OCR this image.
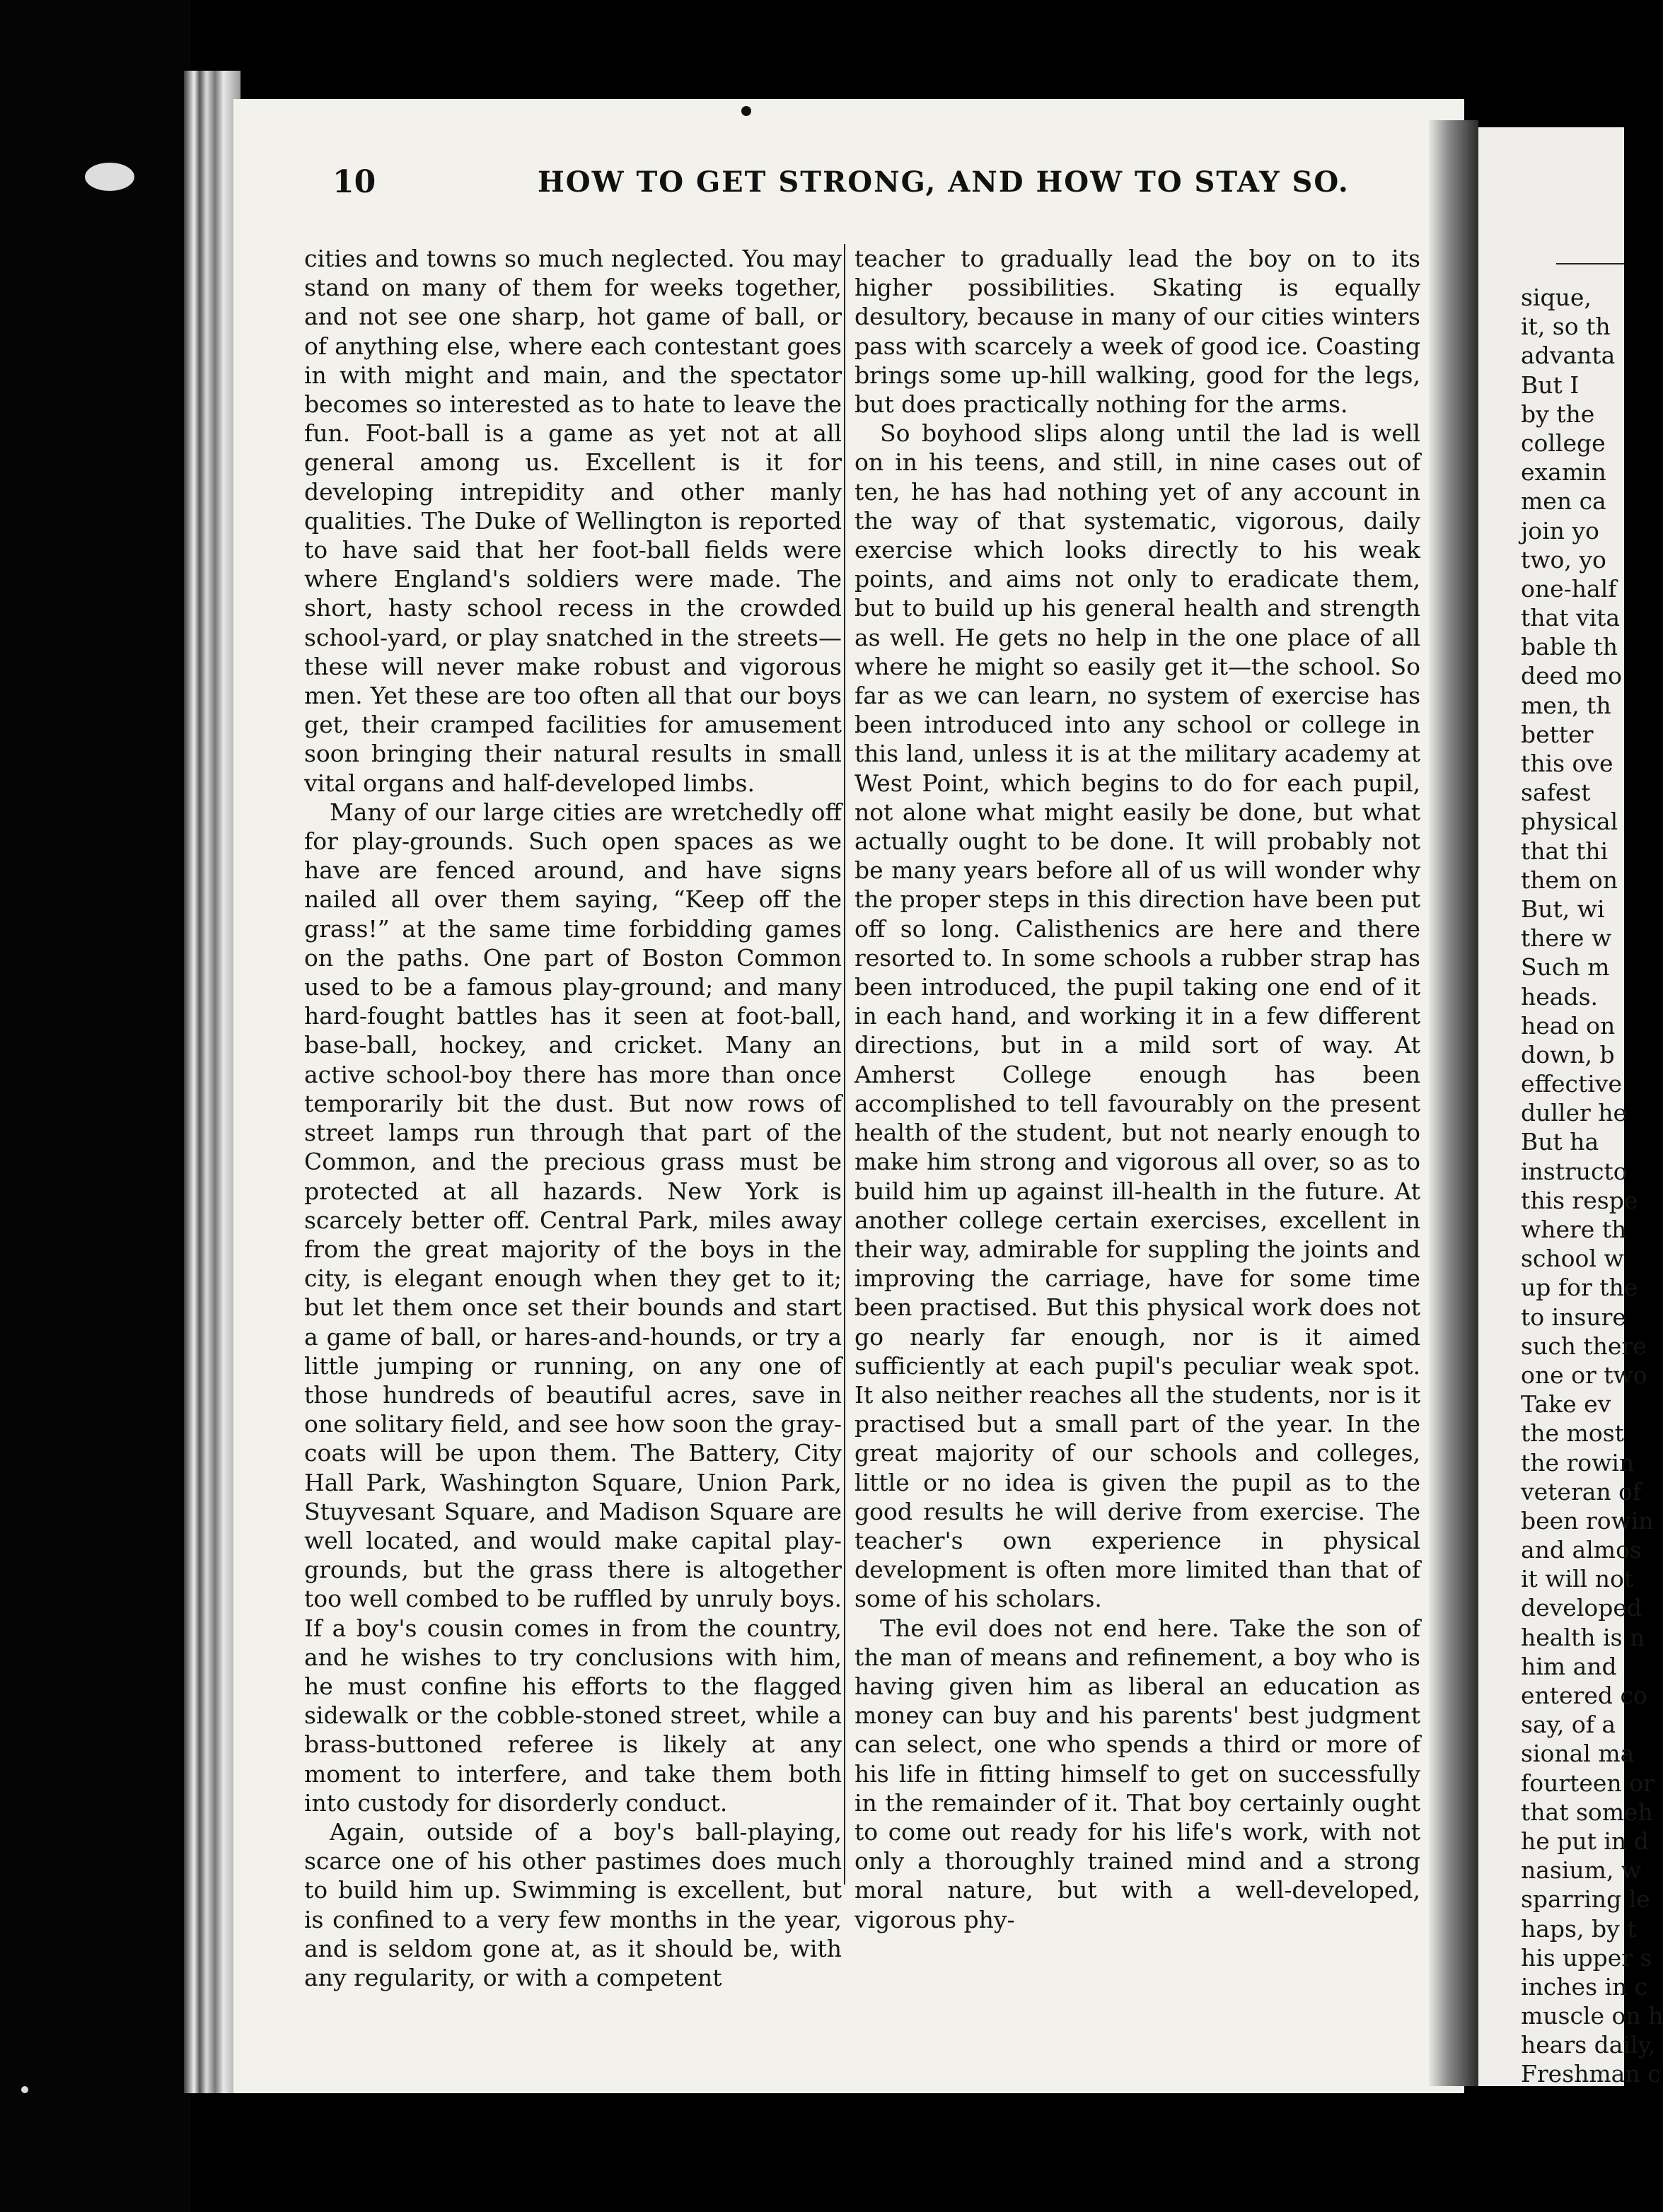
10	HOW TO GET STRONG, AND HOW TO STAY SO.

cities and towns so much neglected. You may stand on many of them for weeks together, and not see one sharp, hot game of ball, or of anything else, where each contestant goes in with might and main, and the spectator becomes so interested as to hate to leave the fun. Foot-ball is a game as yet not at all general among us. Excellent is it for developing intrepidity and other manly qualities. The Duke of Wellington is reported to have said that her foot-ball fields were where England's soldiers were made. The short, hasty school recess in the crowded school-yard, or play snatched in the streets—these will never make robust and vigorous men. Yet these are too often all that our boys get, their cramped facilities for amusement soon bringing their natural results in small vital organs and half-developed limbs.

Many of our large cities are wretchedly off for play-grounds. Such open spaces as we have are fenced around, and have signs nailed all over them saying, “Keep off the grass!” at the same time forbidding games on the paths. One part of Boston Common used to be a famous play-ground; and many hard-fought battles has it seen at foot-ball, base-ball, hockey, and cricket. Many an active school-boy there has more than once temporarily bit the dust. But now rows of street lamps run through that part of the Common, and the precious grass must be protected at all hazards. New York is scarcely better off. Central Park, miles away from the great majority of the boys in the city, is elegant enough when they get to it; but let them once set their bounds and start a game of ball, or hares-and-hounds, or try a little jumping or running, on any one of those hundreds of beautiful acres, save in one solitary field, and see how soon the gray-coats will be upon them. The Battery, City Hall Park, Washington Square, Union Park, Stuyvesant Square, and Madison Square are well located, and would make capital play-grounds, but the grass there is altogether too well combed to be ruffled by unruly boys. If a boy's cousin comes in from the country, and he wishes to try conclusions with him, he must confine his efforts to the flagged sidewalk or the cobble-stoned street, while a brass-buttoned referee is likely at any moment to interfere, and take them both into custody for disorderly conduct.

Again, outside of a boy's ball-playing, scarce one of his other pastimes does much to build him up. Swimming is excellent, but is confined to a very few months in the year, and is seldom gone at, as it should be, with any regularity, or with a competent

teacher to gradually lead the boy on to its higher possibilities. Skating is equally desultory, because in many of our cities winters pass with scarcely a week of good ice. Coasting brings some up-hill walking, good for the legs, but does practically nothing for the arms.

So boyhood slips along until the lad is well on in his teens, and still, in nine cases out of ten, he has had nothing yet of any account in the way of that systematic, vigorous, daily exercise which looks directly to his weak points, and aims not only to eradicate them, but to build up his general health and strength as well. He gets no help in the one place of all where he might so easily get it—the school. So far as we can learn, no system of exercise has been introduced into any school or college in this land, unless it is at the military academy at West Point, which begins to do for each pupil, not alone what might easily be done, but what actually ought to be done. It will probably not be many years before all of us will wonder why the proper steps in this direction have been put off so long. Calisthenics are here and there resorted to. In some schools a rubber strap has been introduced, the pupil taking one end of it in each hand, and working it in a few different directions, but in a mild sort of way. At Amherst College enough has been accomplished to tell favourably on the present health of the student, but not nearly enough to make him strong and vigorous all over, so as to build him up against ill-health in the future. At another college certain exercises, excellent in their way, admirable for suppling the joints and improving the carriage, have for some time been practised. But this physical work does not go nearly far enough, nor is it aimed sufficiently at each pupil's peculiar weak spot. It also neither reaches all the students, nor is it practised but a small part of the year. In the great majority of our schools and colleges, little or no idea is given the pupil as to the good results he will derive from exercise. The teacher's own experience in physical development is often more limited than that of some of his scholars.

The evil does not end here. Take the son of the man of means and refinement, a boy who is having given him as liberal an education as money can buy and his parents' best judgment can select, one who spends a third or more of his life in fitting himself to get on successfully in the remainder of it. That boy certainly ought to come out ready for his life's work, with not only a thoroughly trained mind and a strong moral nature, but with a well-developed, vigorous phy-

sique,
it, so th
advanta
But I
by the
college
examin
men ca
join yo
two, yo
one-half
that vita
bable th
deed mo
men, th
better
this ove
safest
physical
that thi
them on
But, wi
there w
Such m
heads.
head on
down, b
effective
duller he
But ha
instructo
this respe
where th
school w
up for the
to insure
such there
one or two
Take ev
the most
the rowin
veteran of
been rowin
and almos
it will not
developed
health is n
him and
entered co
say, of a
sional ma
fourteen or
that someh
he put in d
nasium, w
sparring le
haps, by t
his upper s
inches in c
muscle on h
hears daily,
Freshman c
